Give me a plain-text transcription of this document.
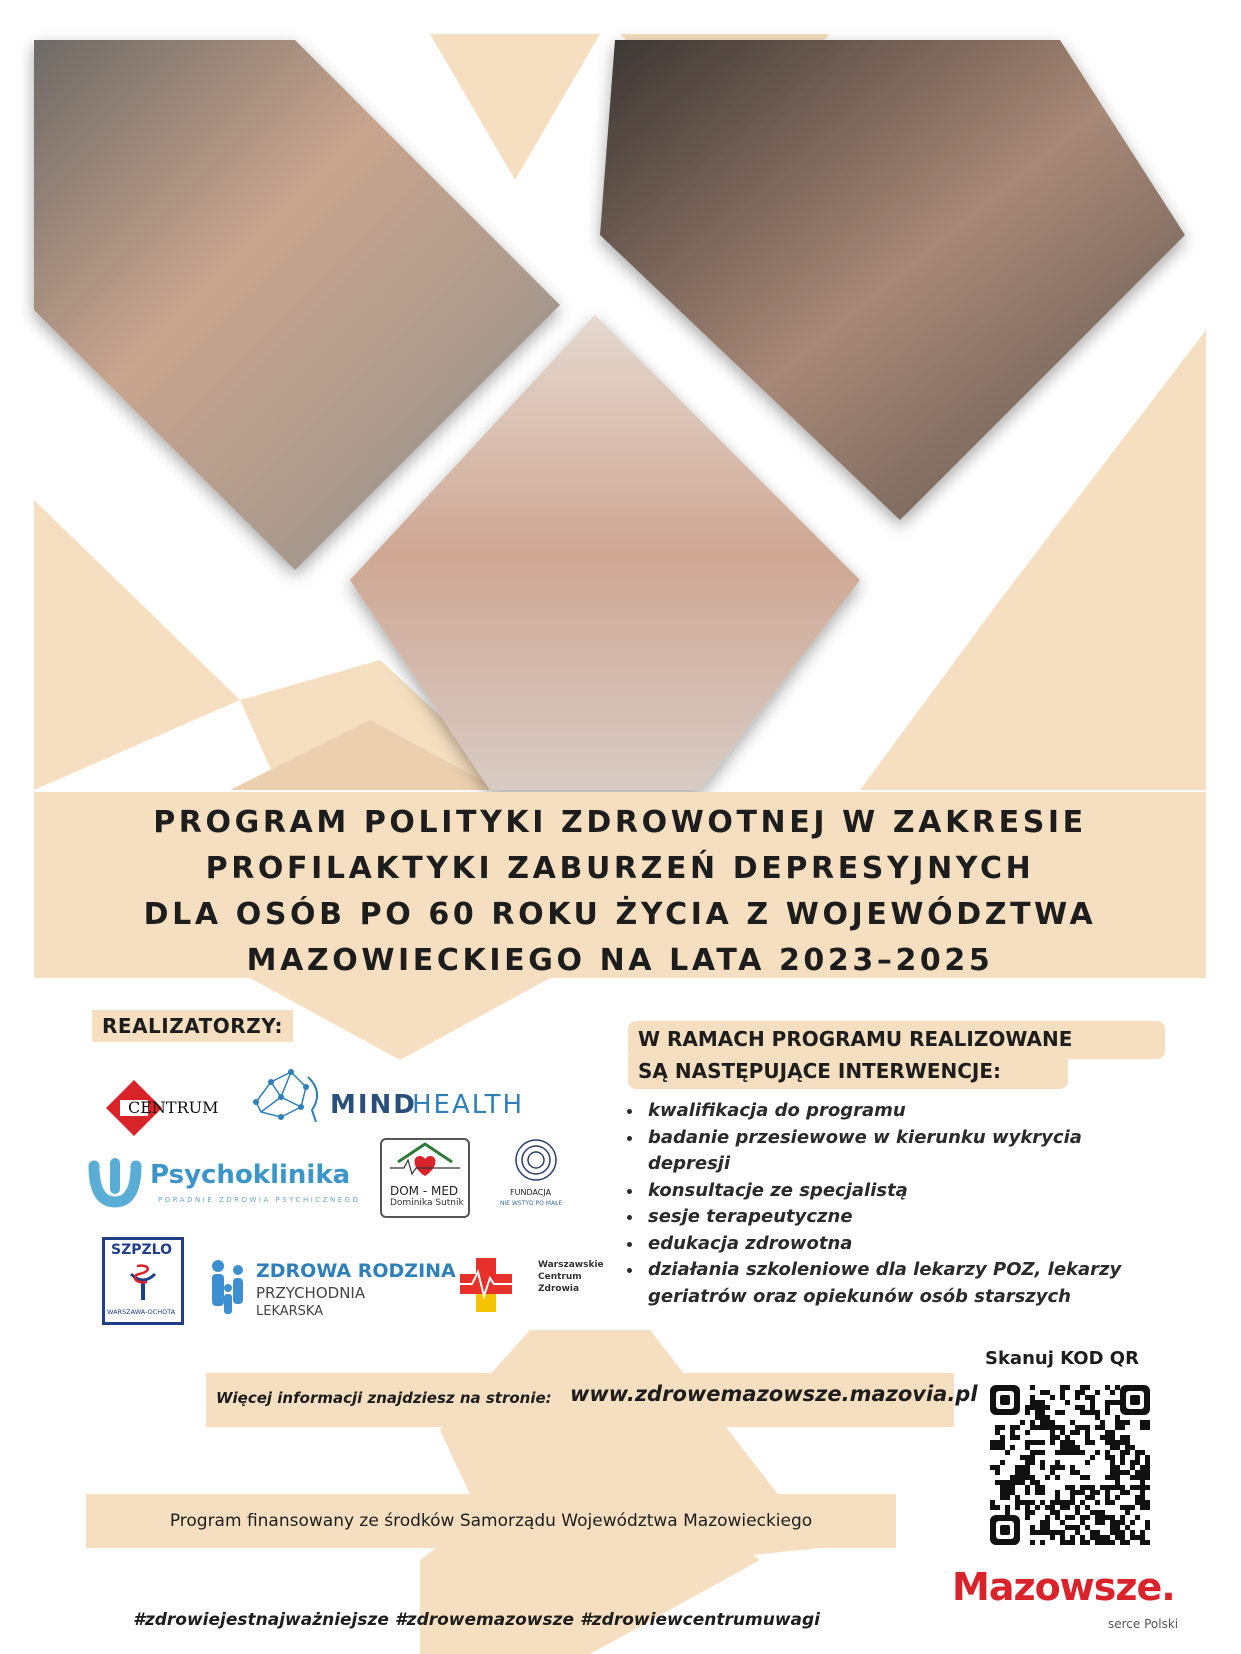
PROGRAM POLITYKI ZDROWOTNEJ W ZAKRESIE
PROFILAKTYKI ZABURZEŃ DEPRESYJNYCH
DLA OSÓB PO 60 ROKU ŻYCIA Z WOJEWÓDZTWA
MAZOWIECKIEGO NA LATA 2023–2025
REALIZATORZY:
CENTRUM	MIND
HEALTH
Psychoklinika
PORADNIE ZDROWIA PSYCHICZNEGO
DOM - MED
Dominika Sutnik
FUNDACJA
NIE WSTYD PO MAŁE
SZPZLO
WARSZAWA-OCHOTA
ZDROWA RODZINA
PRZYCHODNIA
LEKARSKA
Warszawskie
Centrum
Zdrowia
W RAMACH PROGRAMU REALIZOWANE
SĄ NASTĘPUJĄCE INTERWENCJE:
• kwalifikacja do programu
• badanie przesiewowe w kierunku wykrycia depresji
• konsultacje ze specjalistą
• sesje terapeutyczne
• edukacja zdrowotna
• działania szkoleniowe dla lekarzy POZ, lekarzy geriatrów oraz opiekunów osób starszych
Więcej informacji znajdziesz na stronie: www.zdrowemazowsze.mazovia.pl
Program finansowany ze środków Samorządu Województwa Mazowieckiego
Skanuj KOD QR
#zdrowiejestnajważniejsze #zdrowemazowsze #zdrowiewcentrumuwagi
Mazowsze.
serce Polski
